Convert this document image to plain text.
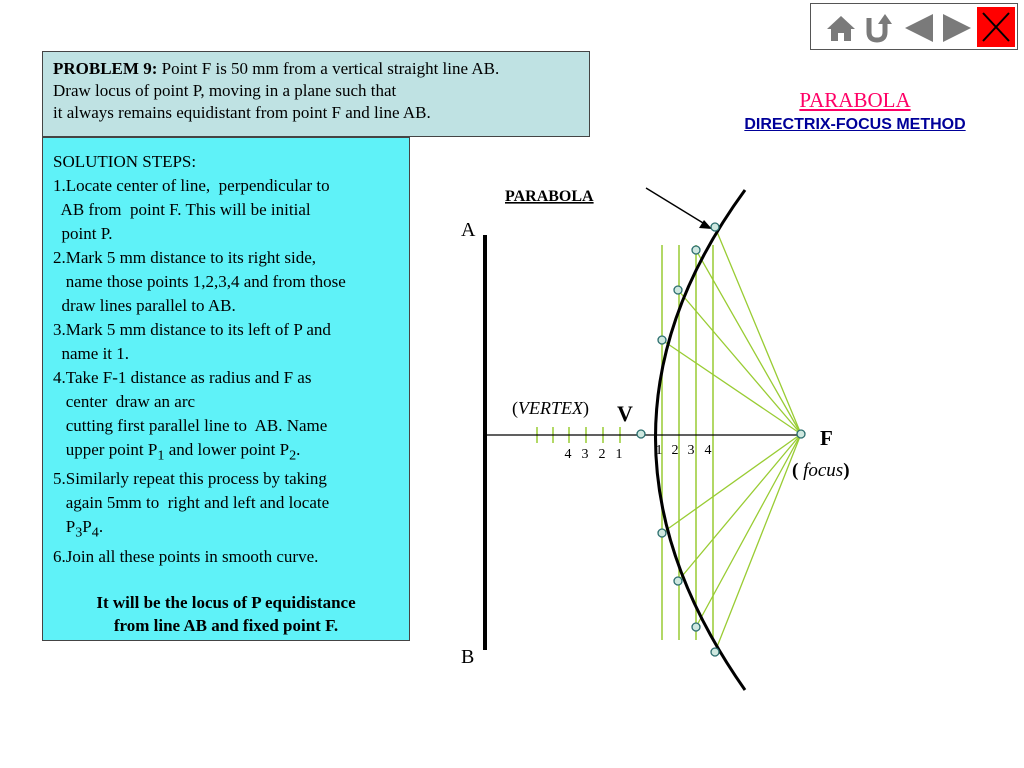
PROBLEM 9: Point F is 50 mm from a vertical straight line AB.
Draw locus of point P, moving in a plane such that
it always remains equidistant from point F and line AB.
SOLUTION STEPS:
1.Locate center of line,  perpendicular to
AB from  point F. This will be initial
point P.
2.Mark 5 mm distance to its right side,
name those points 1,2,3,4 and from those
draw lines parallel to AB.
3.Mark 5 mm distance to its left of P and
name it 1.
4.Take F-1 distance as radius and F as
center  draw an arc
cutting first parallel line to  AB. Name
upper point $P_1$ and lower point $P_2$.
5.Similarly repeat this process by taking
again 5mm to  right and left and locate
$P_3P_4$.
6.Join all these points in smooth curve.
It will be the locus of P equidistance
from line AB and fixed point F.
PARABOLA
DIRECTRIX-FOCUS METHOD
PARABOLA
A
B
(VERTEX) V
F
( focus)
4 3 2 1 1 2 3 4
